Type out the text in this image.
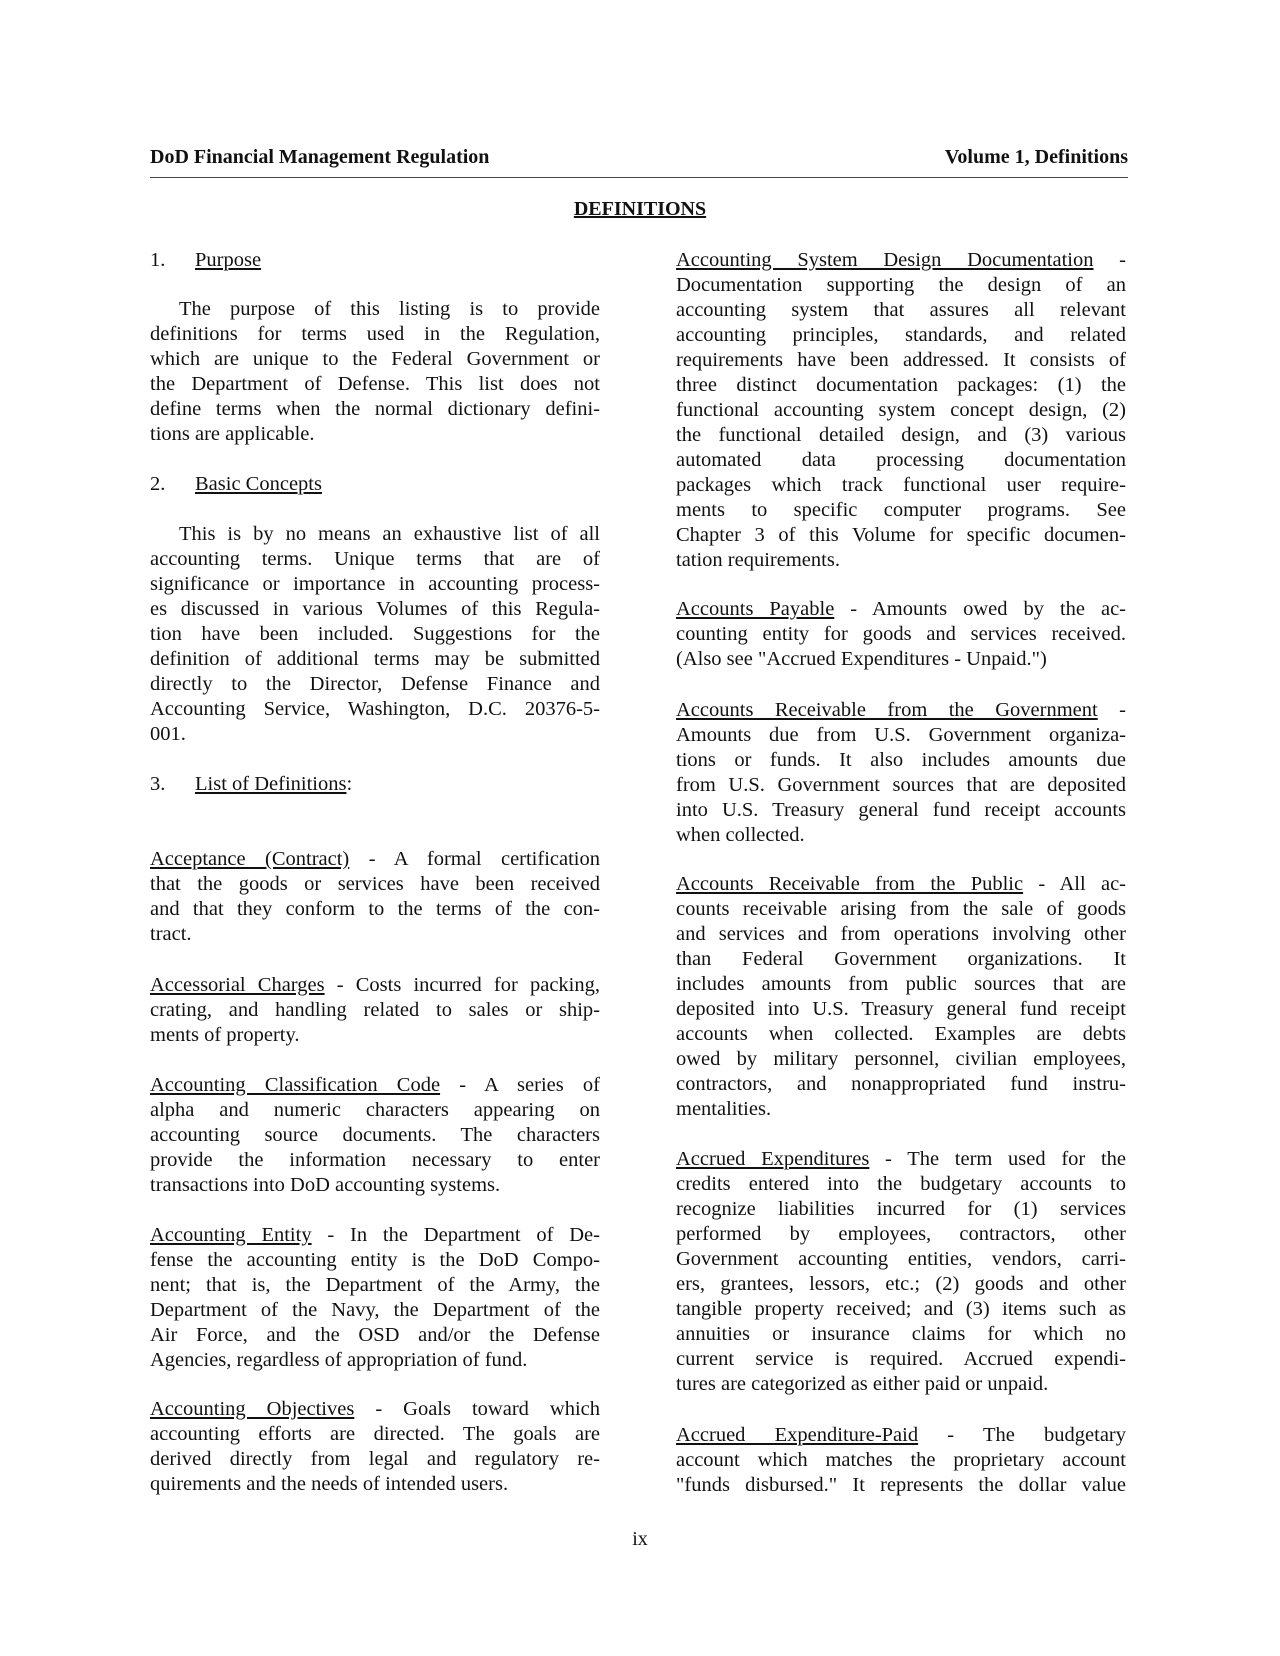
DoD Financial Management Regulation	Volume 1, Definitions
DEFINITIONS
1. Purpose
The purpose of this listing is to provide
definitions for terms used in the Regulation,
which are unique to the Federal Government or
the Department of Defense. This list does not
define terms when the normal dictionary defini-
tions are applicable.
2. Basic Concepts
This is by no means an exhaustive list of all
accounting terms. Unique terms that are of
significance or importance in accounting process-
es discussed in various Volumes of this Regula-
tion have been included. Suggestions for the
definition of additional terms may be submitted
directly to the Director, Defense Finance and
Accounting Service, Washington, D.C. 20376-5-
001.
3. List of Definitions:
Acceptance (Contract) - A formal certification
that the goods or services have been received
and that they conform to the terms of the con-
tract.
Accessorial Charges - Costs incurred for packing,
crating, and handling related to sales or ship-
ments of property.
Accounting Classification Code - A series of
alpha and numeric characters appearing on
accounting source documents. The characters
provide the information necessary to enter
transactions into DoD accounting systems.
Accounting Entity - In the Department of De-
fense the accounting entity is the DoD Compo-
nent; that is, the Department of the Army, the
Department of the Navy, the Department of the
Air Force, and the OSD and/or the Defense
Agencies, regardless of appropriation of fund.
Accounting Objectives - Goals toward which
accounting efforts are directed. The goals are
derived directly from legal and regulatory re-
quirements and the needs of intended users.
Accounting System Design Documentation -
Documentation supporting the design of an
accounting system that assures all relevant
accounting principles, standards, and related
requirements have been addressed. It consists of
three distinct documentation packages: (1) the
functional accounting system concept design, (2)
the functional detailed design, and (3) various
automated data processing documentation
packages which track functional user require-
ments to specific computer programs. See
Chapter 3 of this Volume for specific documen-
tation requirements.
Accounts Payable - Amounts owed by the ac-
counting entity for goods and services received.
(Also see "Accrued Expenditures - Unpaid.")
Accounts Receivable from the Government -
Amounts due from U.S. Government organiza-
tions or funds. It also includes amounts due
from U.S. Government sources that are deposited
into U.S. Treasury general fund receipt accounts
when collected.
Accounts Receivable from the Public - All ac-
counts receivable arising from the sale of goods
and services and from operations involving other
than Federal Government organizations. It
includes amounts from public sources that are
deposited into U.S. Treasury general fund receipt
accounts when collected. Examples are debts
owed by military personnel, civilian employees,
contractors, and nonappropriated fund instru-
mentalities.
Accrued Expenditures - The term used for the
credits entered into the budgetary accounts to
recognize liabilities incurred for (1) services
performed by employees, contractors, other
Government accounting entities, vendors, carri-
ers, grantees, lessors, etc.; (2) goods and other
tangible property received; and (3) items such as
annuities or insurance claims for which no
current service is required. Accrued expendi-
tures are categorized as either paid or unpaid.
Accrued Expenditure-Paid - The budgetary
account which matches the proprietary account
"funds disbursed." It represents the dollar value
ix
